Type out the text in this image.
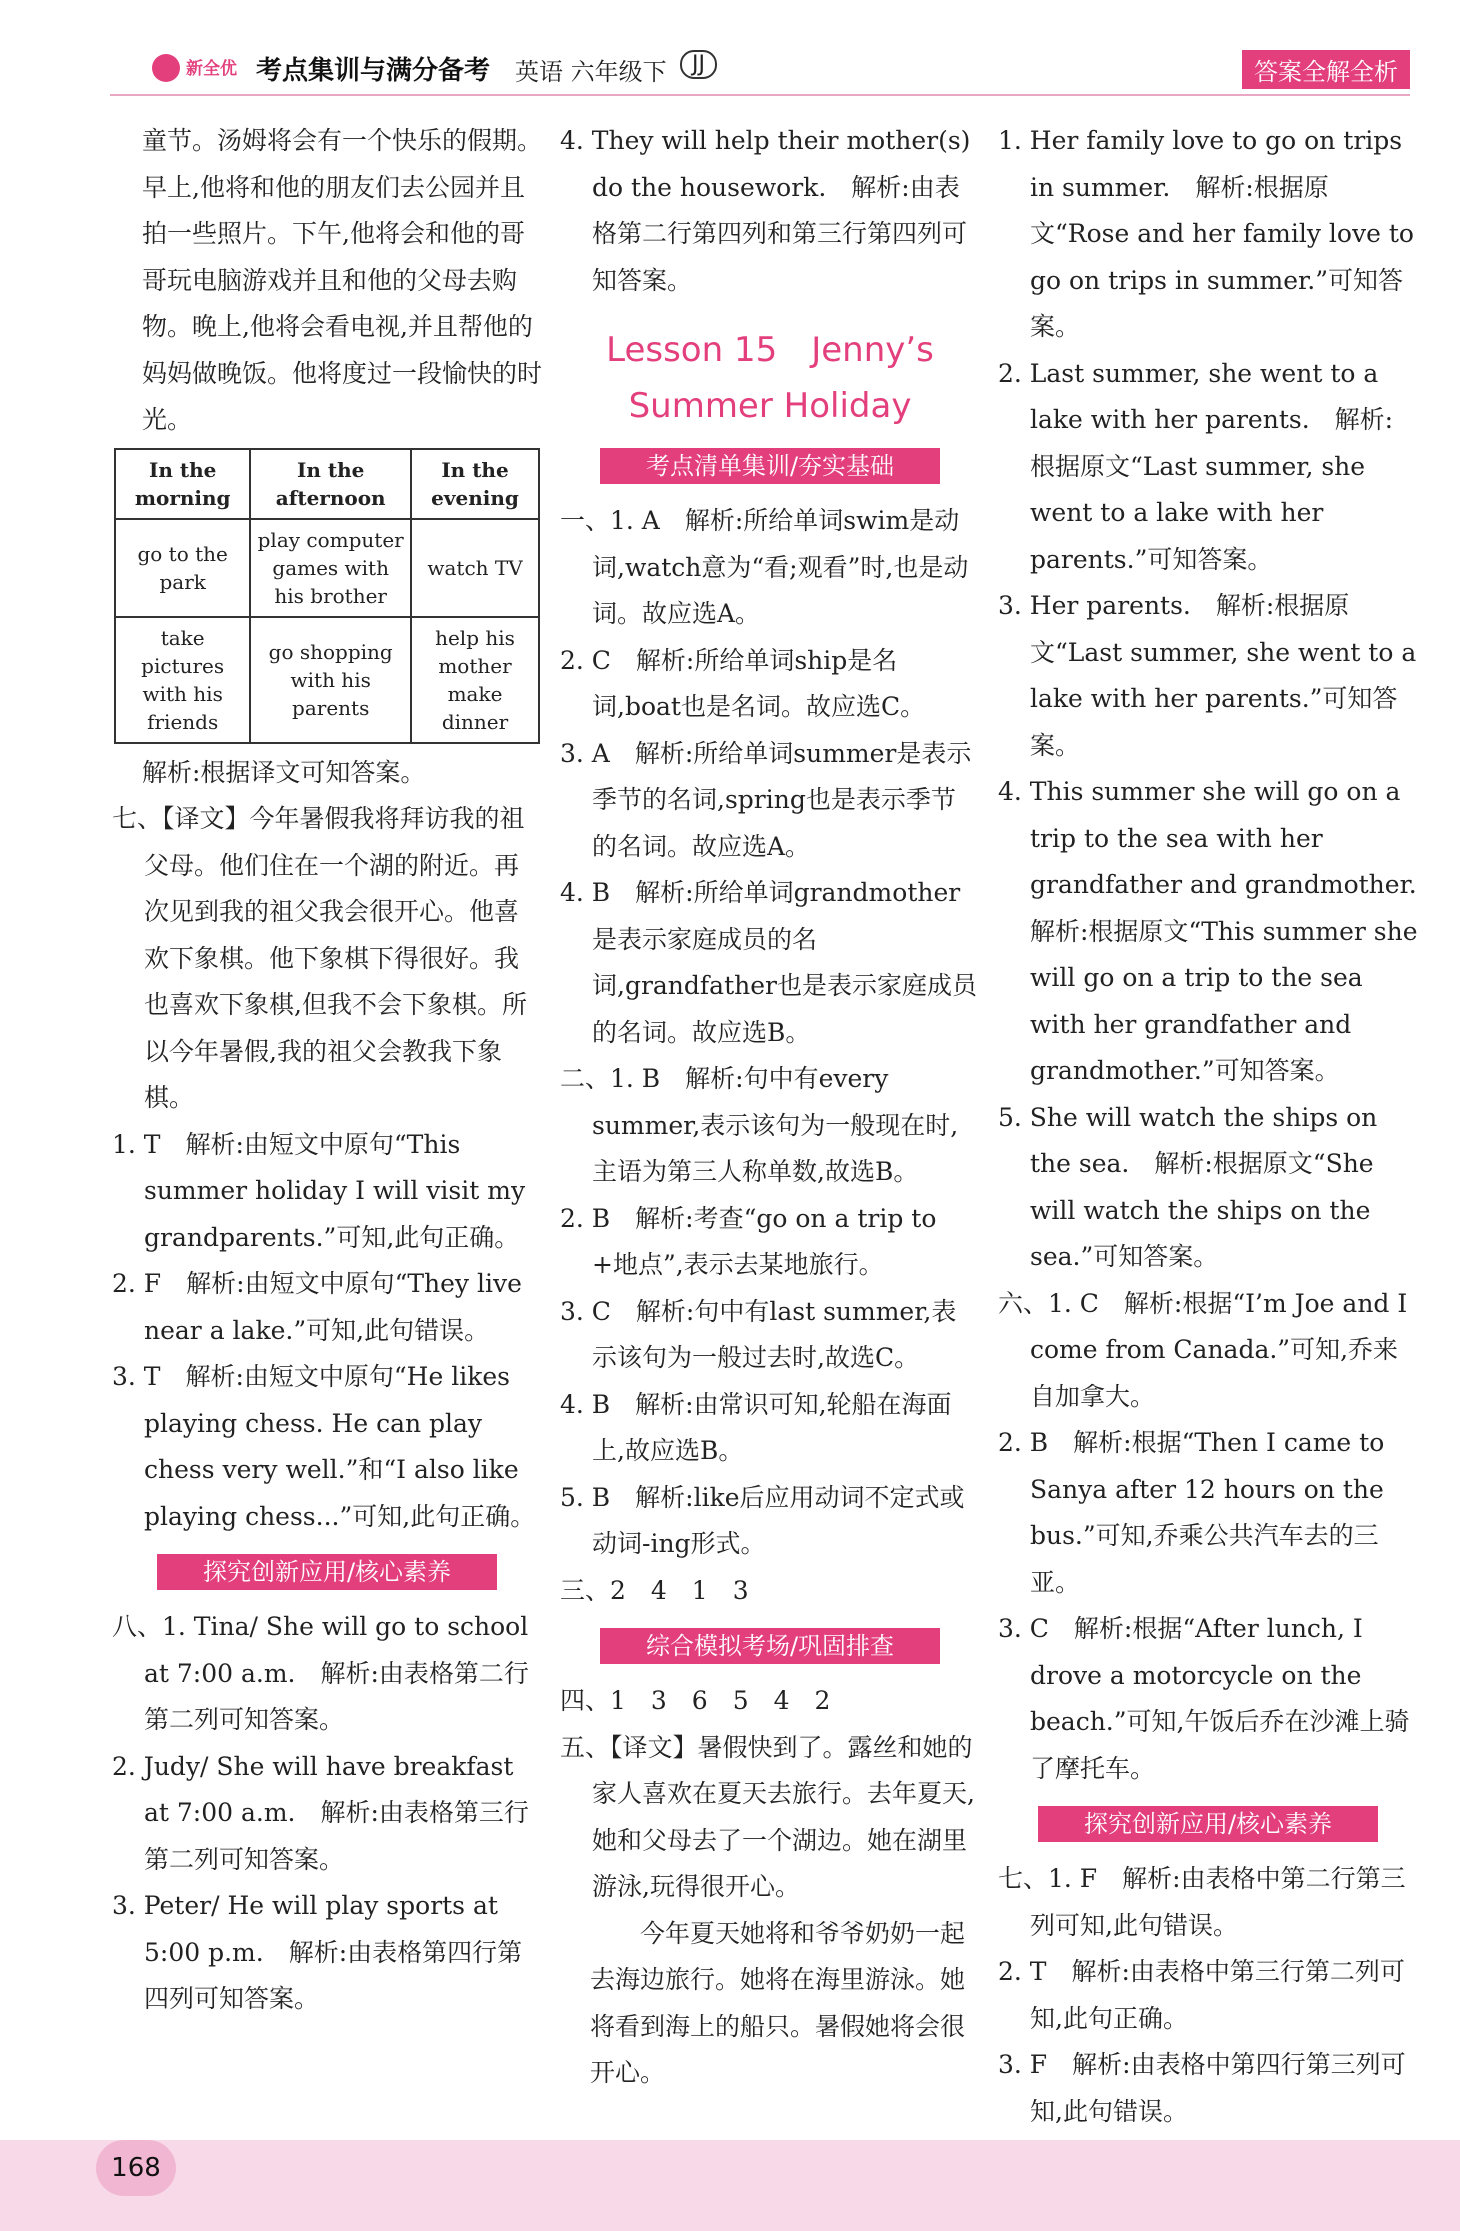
新全优 考点集训与满分备考 英语 六年级下	JJ	答案全解全析

童节。汤姆将会有一个快乐的假期。早上,他将和他的朋友们去公园并且拍一些照片。下午,他将会和他的哥哥玩电脑游戏并且和他的父母去购物。晚上,他将会看电视,并且帮他的妈妈做晚饭。他将度过一段愉快的时光。

In the morning	In the afternoon	In the evening
go to the park	play computer games with his brother	watch TV
take pictures with his friends	go shopping with his parents	help his mother make dinner

解析:根据译文可知答案。

七、【译文】今年暑假我将拜访我的祖父母。他们住在一个湖的附近。再次见到我的祖父我会很开心。他喜欢下象棋。他下象棋下得很好。我也喜欢下象棋,但我不会下象棋。所以今年暑假,我的祖父会教我下象棋。

1. T　解析:由短文中原句“This summer holiday I will visit my grandparents.”可知,此句正确。

2. F　解析:由短文中原句“They live near a lake.”可知,此句错误。

3. T　解析:由短文中原句“He likes playing chess. He can play chess very well.”和“I also like playing chess...”可知,此句正确。

探究创新应用/核心素养

八、1. Tina/ She will go to school at 7:00 a.m.　解析:由表格第二行第二列可知答案。

2. Judy/ She will have breakfast at 7:00 a.m.　解析:由表格第三行第二列可知答案。

3. Peter/ He will play sports at 5:00 p.m.　解析:由表格第四行第四列可知答案。

4. They will help their mother(s) do the housework.　解析:由表格第二行第四列和第三行第四列可知答案。

Lesson 15　Jenny’s
Summer Holiday
考点清单集训/夯实基础

一、1. A　解析:所给单词swim是动词,watch意为“看;观看”时,也是动词。故应选A。

2. C　解析:所给单词ship是名词,boat也是名词。故应选C。

3. A　解析:所给单词summer是表示季节的名词,spring也是表示季节的名词。故应选A。

4. B　解析:所给单词grandmother是表示家庭成员的名词,grandfather也是表示家庭成员的名词。故应选B。

二、1. B　解析:句中有every summer,表示该句为一般现在时,主语为第三人称单数,故选B。

2. B　解析:考查“go on a trip to +地点”,表示去某地旅行。

3. C　解析:句中有last summer,表示该句为一般过去时,故选C。

4. B　解析:由常识可知,轮船在海面上,故应选B。

5. B　解析:like后应用动词不定式或动词-ing形式。

三、2　4　1　3

综合模拟考场/巩固排查

四、1　3　6　5　4　2

五、【译文】暑假快到了。露丝和她的家人喜欢在夏天去旅行。去年夏天,她和父母去了一个湖边。她在湖里游泳,玩得很开心。

今年夏天她将和爷爷奶奶一起去海边旅行。她将在海里游泳。她将看到海上的船只。暑假她将会很开心。

1. Her family love to go on trips in summer.　解析:根据原文“Rose and her family love to go on trips in summer.”可知答案。

2. Last summer, she went to a lake with her parents.　解析:根据原文“Last summer, she went to a lake with her parents.”可知答案。

3. Her parents.　解析:根据原文“Last summer, she went to a lake with her parents.”可知答案。

4. This summer she will go on a trip to the sea with her grandfather and grandmother.　解析:根据原文“This summer she will go on a trip to the sea with her grandfather and grandmother.”可知答案。

5. She will watch the ships on the sea.　解析:根据原文“She will watch the ships on the sea.”可知答案。

六、1. C　解析:根据“I’m Joe and I come from Canada.”可知,乔来自加拿大。

2. B　解析:根据“Then I came to Sanya after 12 hours on the bus.”可知,乔乘公共汽车去的三亚。

3. C　解析:根据“After lunch, I drove a motorcycle on the beach.”可知,午饭后乔在沙滩上骑了摩托车。

探究创新应用/核心素养

七、1. F　解析:由表格中第二行第三列可知,此句错误。

2. T　解析:由表格中第三行第二列可知,此句正确。

3. F　解析:由表格中第四行第三列可知,此句错误。

168
